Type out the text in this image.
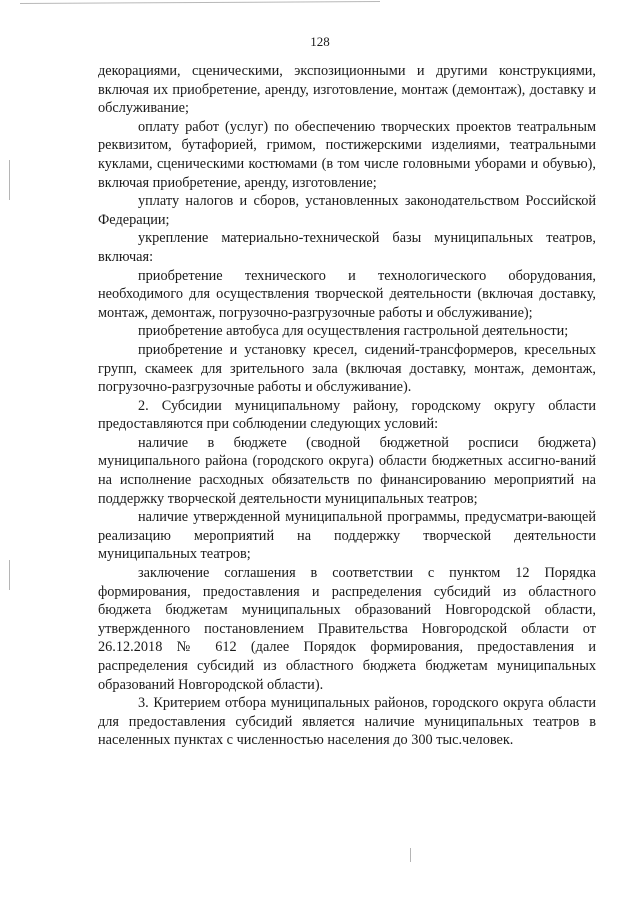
128

декорациями, сценическими, экспозиционными и другими конструкциями, включая их приобретение, аренду, изготовление, монтаж (демонтаж), доставку и обслуживание;

оплату работ (услуг) по обеспечению творческих проектов театральным реквизитом, бутафорией, гримом, постижерскими изделиями, театральными куклами, сценическими костюмами (в том числе головными уборами и обувью), включая приобретение, аренду, изготовление;

уплату налогов и сборов, установленных законодательством Российской Федерации;

укрепление материально-технической базы муниципальных театров, включая:

приобретение технического и технологического оборудования, необходимого для осуществления творческой деятельности (включая доставку, монтаж, демонтаж, погрузочно-разгрузочные работы и обслуживание);

приобретение автобуса для осуществления гастрольной деятельности;

приобретение и установку кресел, сидений-трансформеров, кресельных групп, скамеек для зрительного зала (включая доставку, монтаж, демонтаж, погрузочно-разгрузочные работы и обслуживание).

2. Субсидии муниципальному району, городскому округу области предоставляются при соблюдении следующих условий:

наличие в бюджете (сводной бюджетной росписи бюджета) муниципального района (городского округа) области бюджетных ассигно-ваний на исполнение расходных обязательств по финансированию мероприятий на поддержку творческой деятельности муниципальных театров;

наличие утвержденной муниципальной программы, предусматри-вающей реализацию мероприятий на поддержку творческой деятельности муниципальных театров;

заключение соглашения в соответствии с пунктом 12 Порядка формирования, предоставления и распределения субсидий из областного бюджета бюджетам муниципальных образований Новгородской области, утвержденного постановлением Правительства Новгородской области от 26.12.2018 № 612 (далее Порядок формирования, предоставления и распределения субсидий из областного бюджета бюджетам муниципальных образований Новгородской области).

3. Критерием отбора муниципальных районов, городского округа области для предоставления субсидий является наличие муниципальных театров в населенных пунктах с численностью населения до 300 тыс.человек.
